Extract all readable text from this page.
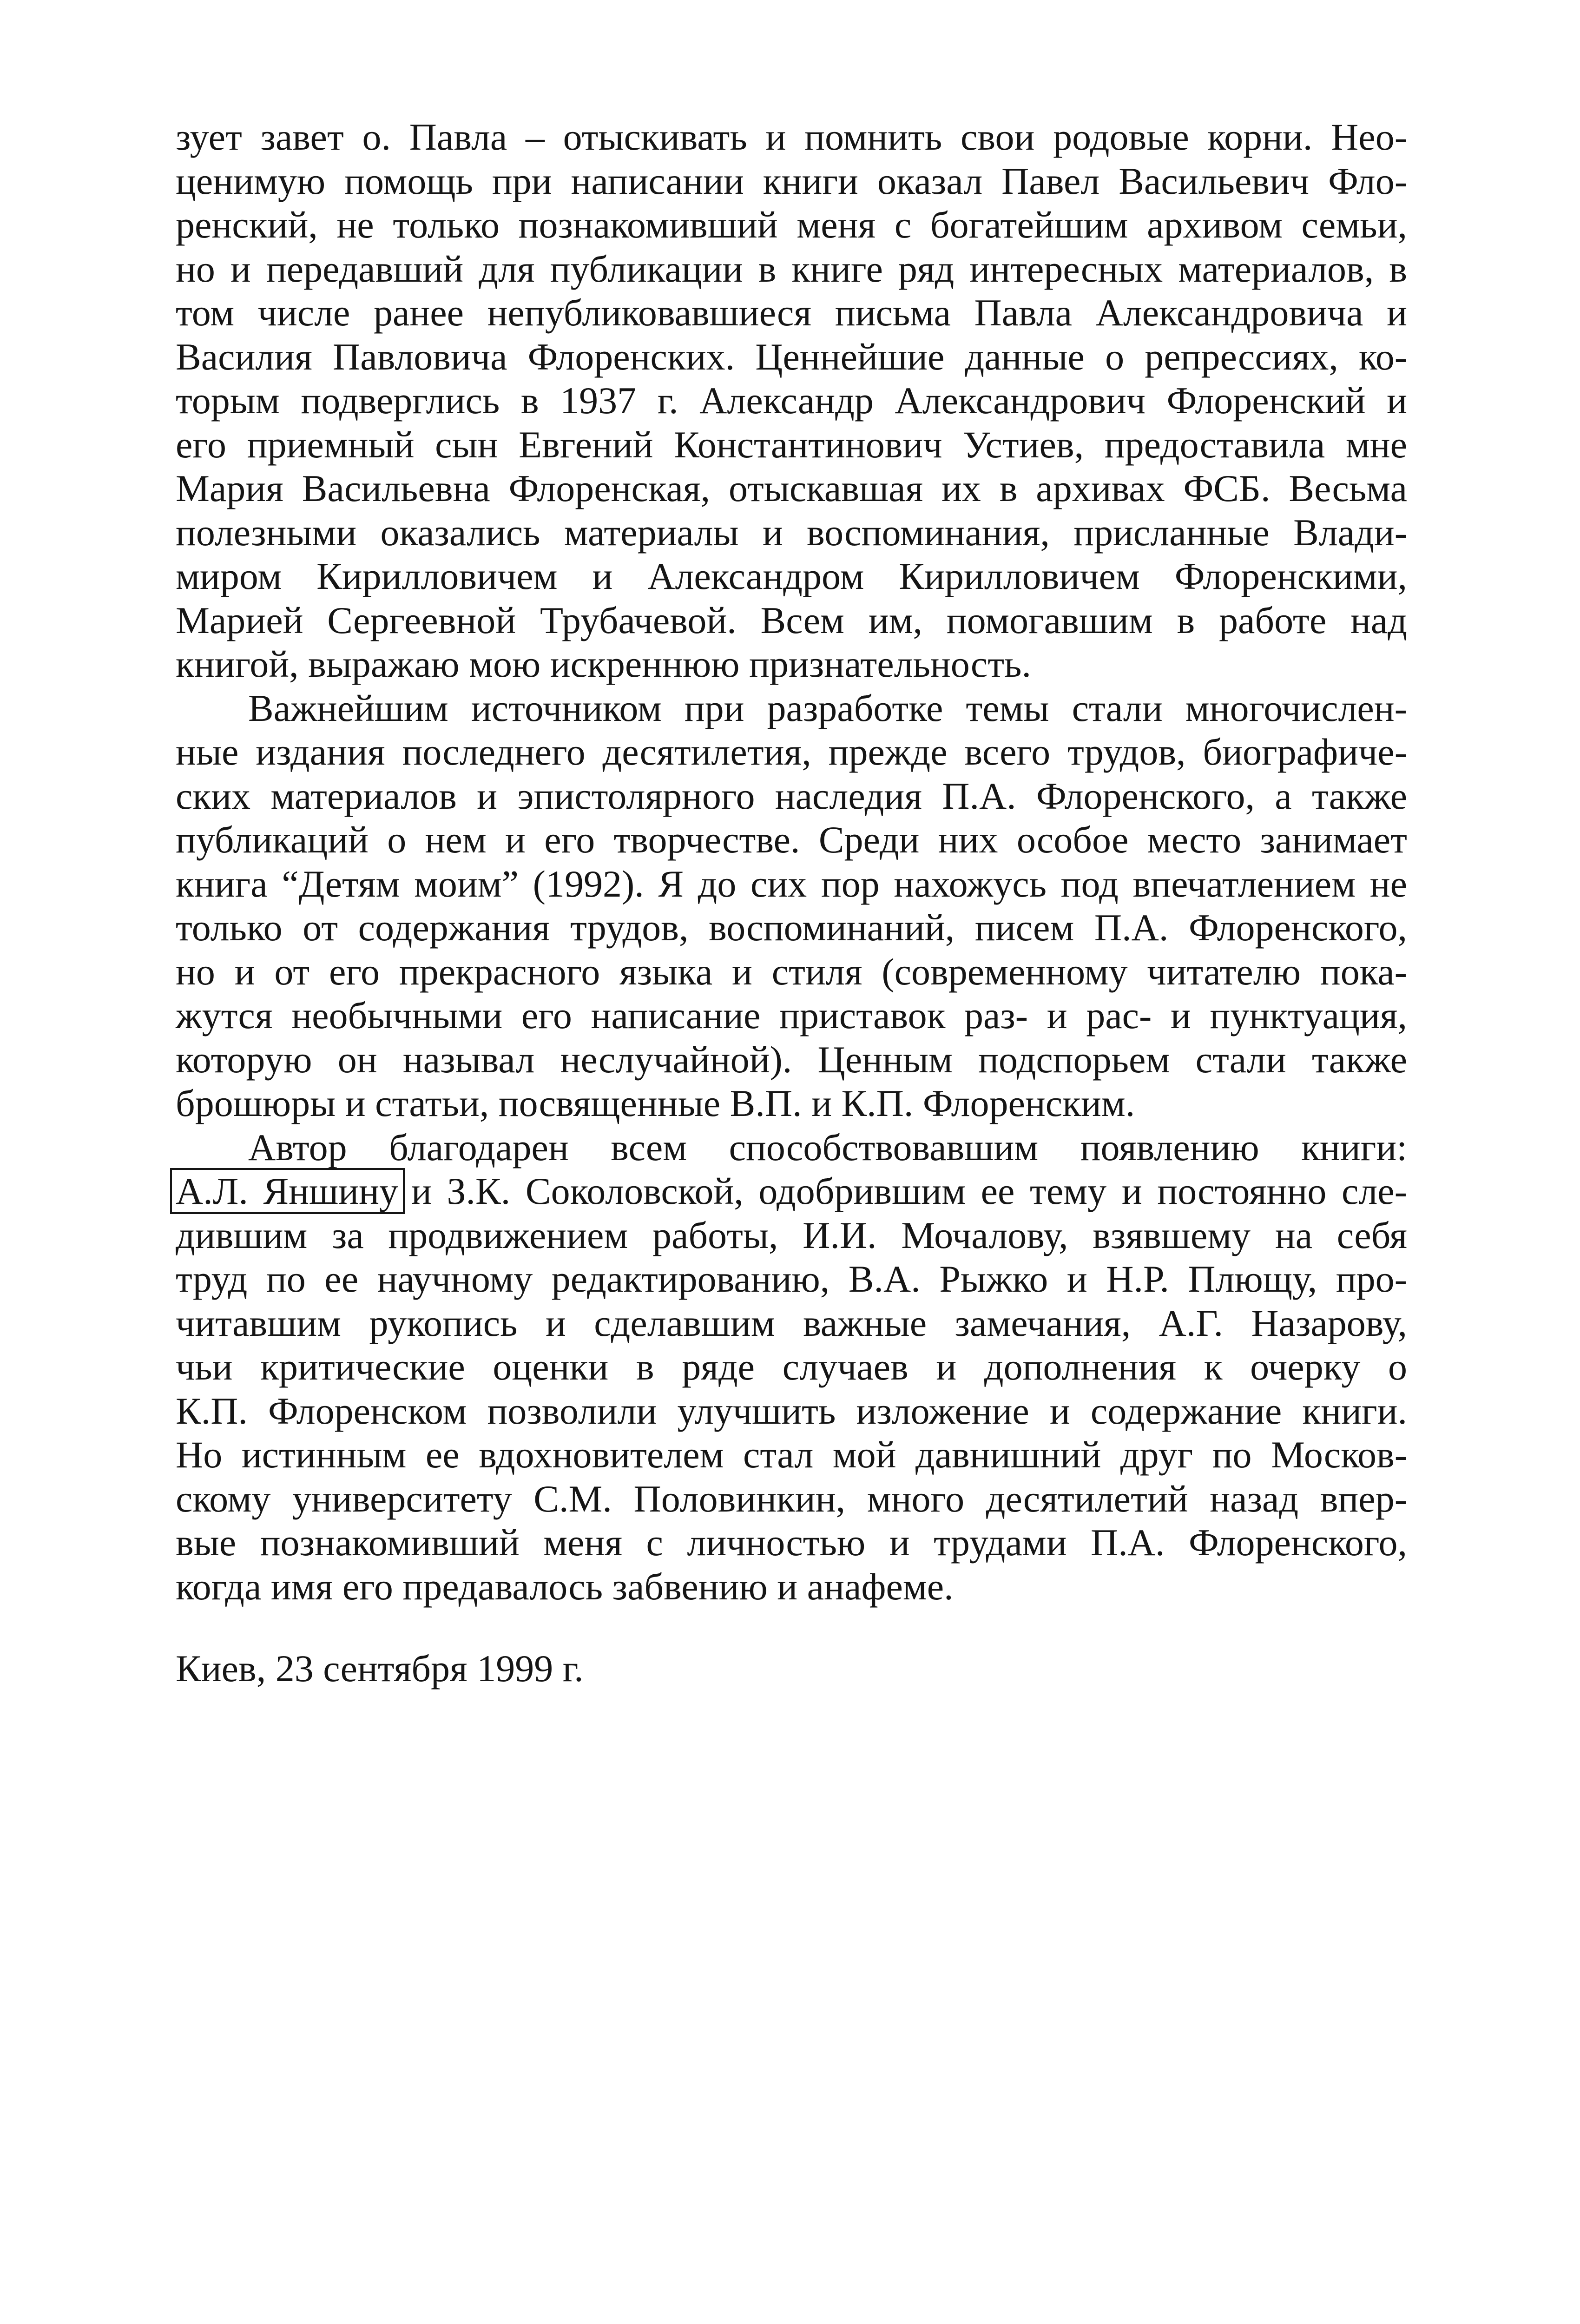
зует завет о. Павла – отыскивать и помнить свои родовые корни. Нео-
ценимую помощь при написании книги оказал Павел Васильевич Фло-
ренский, не только познакомивший меня с богатейшим архивом семьи,
но и передавший для публикации в книге ряд интересных материалов, в
том числе ранее непубликовавшиеся письма Павла Александровича и
Василия Павловича Флоренских. Ценнейшие данные о репрессиях, ко-
торым подверглись в 1937 г. Александр Александрович Флоренский и
его приемный сын Евгений Константинович Устиев, предоставила мне
Мария Васильевна Флоренская, отыскавшая их в архивах ФСБ. Весьма
полезными оказались материалы и воспоминания, присланные Влади-
миром Кирилловичем и Александром Кирилловичем Флоренскими,
Марией Сергеевной Трубачевой. Всем им, помогавшим в работе над
книгой, выражаю мою искреннюю признательность.
Важнейшим источником при разработке темы стали многочислен-
ные издания последнего десятилетия, прежде всего трудов, биографиче-
ских материалов и эпистолярного наследия П.А. Флоренского, а также
публикаций о нем и его творчестве. Среди них особое место занимает
книга “Детям моим” (1992). Я до сих пор нахожусь под впечатлением не
только от содержания трудов, воспоминаний, писем П.А. Флоренского,
но и от его прекрасного языка и стиля (современному читателю пока-
жутся необычными его написание приставок раз- и рас- и пунктуация,
которую он называл неслучайной). Ценным подспорьем стали также
брошюры и статьи, посвященные В.П. и К.П. Флоренским.
Автор благодарен всем способствовавшим появлению книги:
А.Л. Яншину и З.К. Соколовской, одобрившим ее тему и постоянно сле-
дившим за продвижением работы, И.И. Мочалову, взявшему на себя
труд по ее научному редактированию, В.А. Рыжко и Н.Р. Плющу, про-
читавшим рукопись и сделавшим важные замечания, А.Г. Назарову,
чьи критические оценки в ряде случаев и дополнения к очерку о
К.П. Флоренском позволили улучшить изложение и содержание книги.
Но истинным ее вдохновителем стал мой давнишний друг по Москов-
скому университету С.М. Половинкин, много десятилетий назад впер-
вые познакомивший меня с личностью и трудами П.А. Флоренского,
когда имя его предавалось забвению и анафеме.
Киев, 23 сентября 1999 г.
